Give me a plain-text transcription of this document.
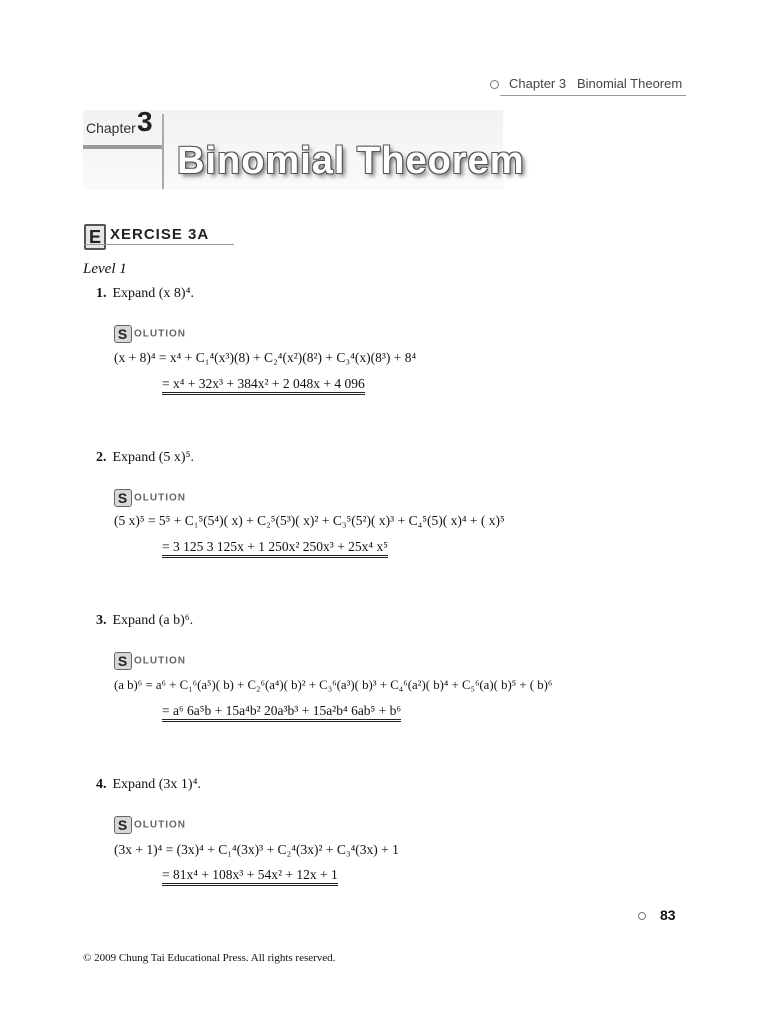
Chapter 3 Binomial Theorem
Chapter 3
Binomial Theorem
E XERCISE 3A
Level 1
1. Expand (x 8)⁴.
S OLUTION
(x + 8)⁴ = x⁴ + C₁⁴(x³)(8) + C₂⁴(x²)(8²) + C₃⁴(x)(8³) + 8⁴
= x⁴ + 32x³ + 384x² + 2 048x + 4 096
2. Expand (5 x)⁵.
S OLUTION
(5 x)⁵ = 5⁵ + C₁⁵(5⁴)( x) + C₂⁵(5³)( x)² + C₃⁵(5²)( x)³ + C₄⁵(5)( x)⁴ + ( x)⁵
= 3 125 3 125x + 1 250x² 250x³ + 25x⁴ x⁵
3. Expand (a b)⁶.
S OLUTION
(a b)⁶ = a⁶ + C₁⁶(a⁵)( b) + C₂⁶(a⁴)( b)² + C₃⁶(a³)( b)³ + C₄⁶(a²)( b)⁴ + C₅⁶(a)( b)⁵ + ( b)⁶
= a⁶ 6a⁵b + 15a⁴b² 20a³b³ + 15a²b⁴ 6ab⁵ + b⁶
4. Expand (3x 1)⁴.
S OLUTION
(3x + 1)⁴ = (3x)⁴ + C₁⁴(3x)³ + C₂⁴(3x)² + C₃⁴(3x) + 1
= 81x⁴ + 108x³ + 54x² + 12x + 1
83
© 2009 Chung Tai Educational Press. All rights reserved.
